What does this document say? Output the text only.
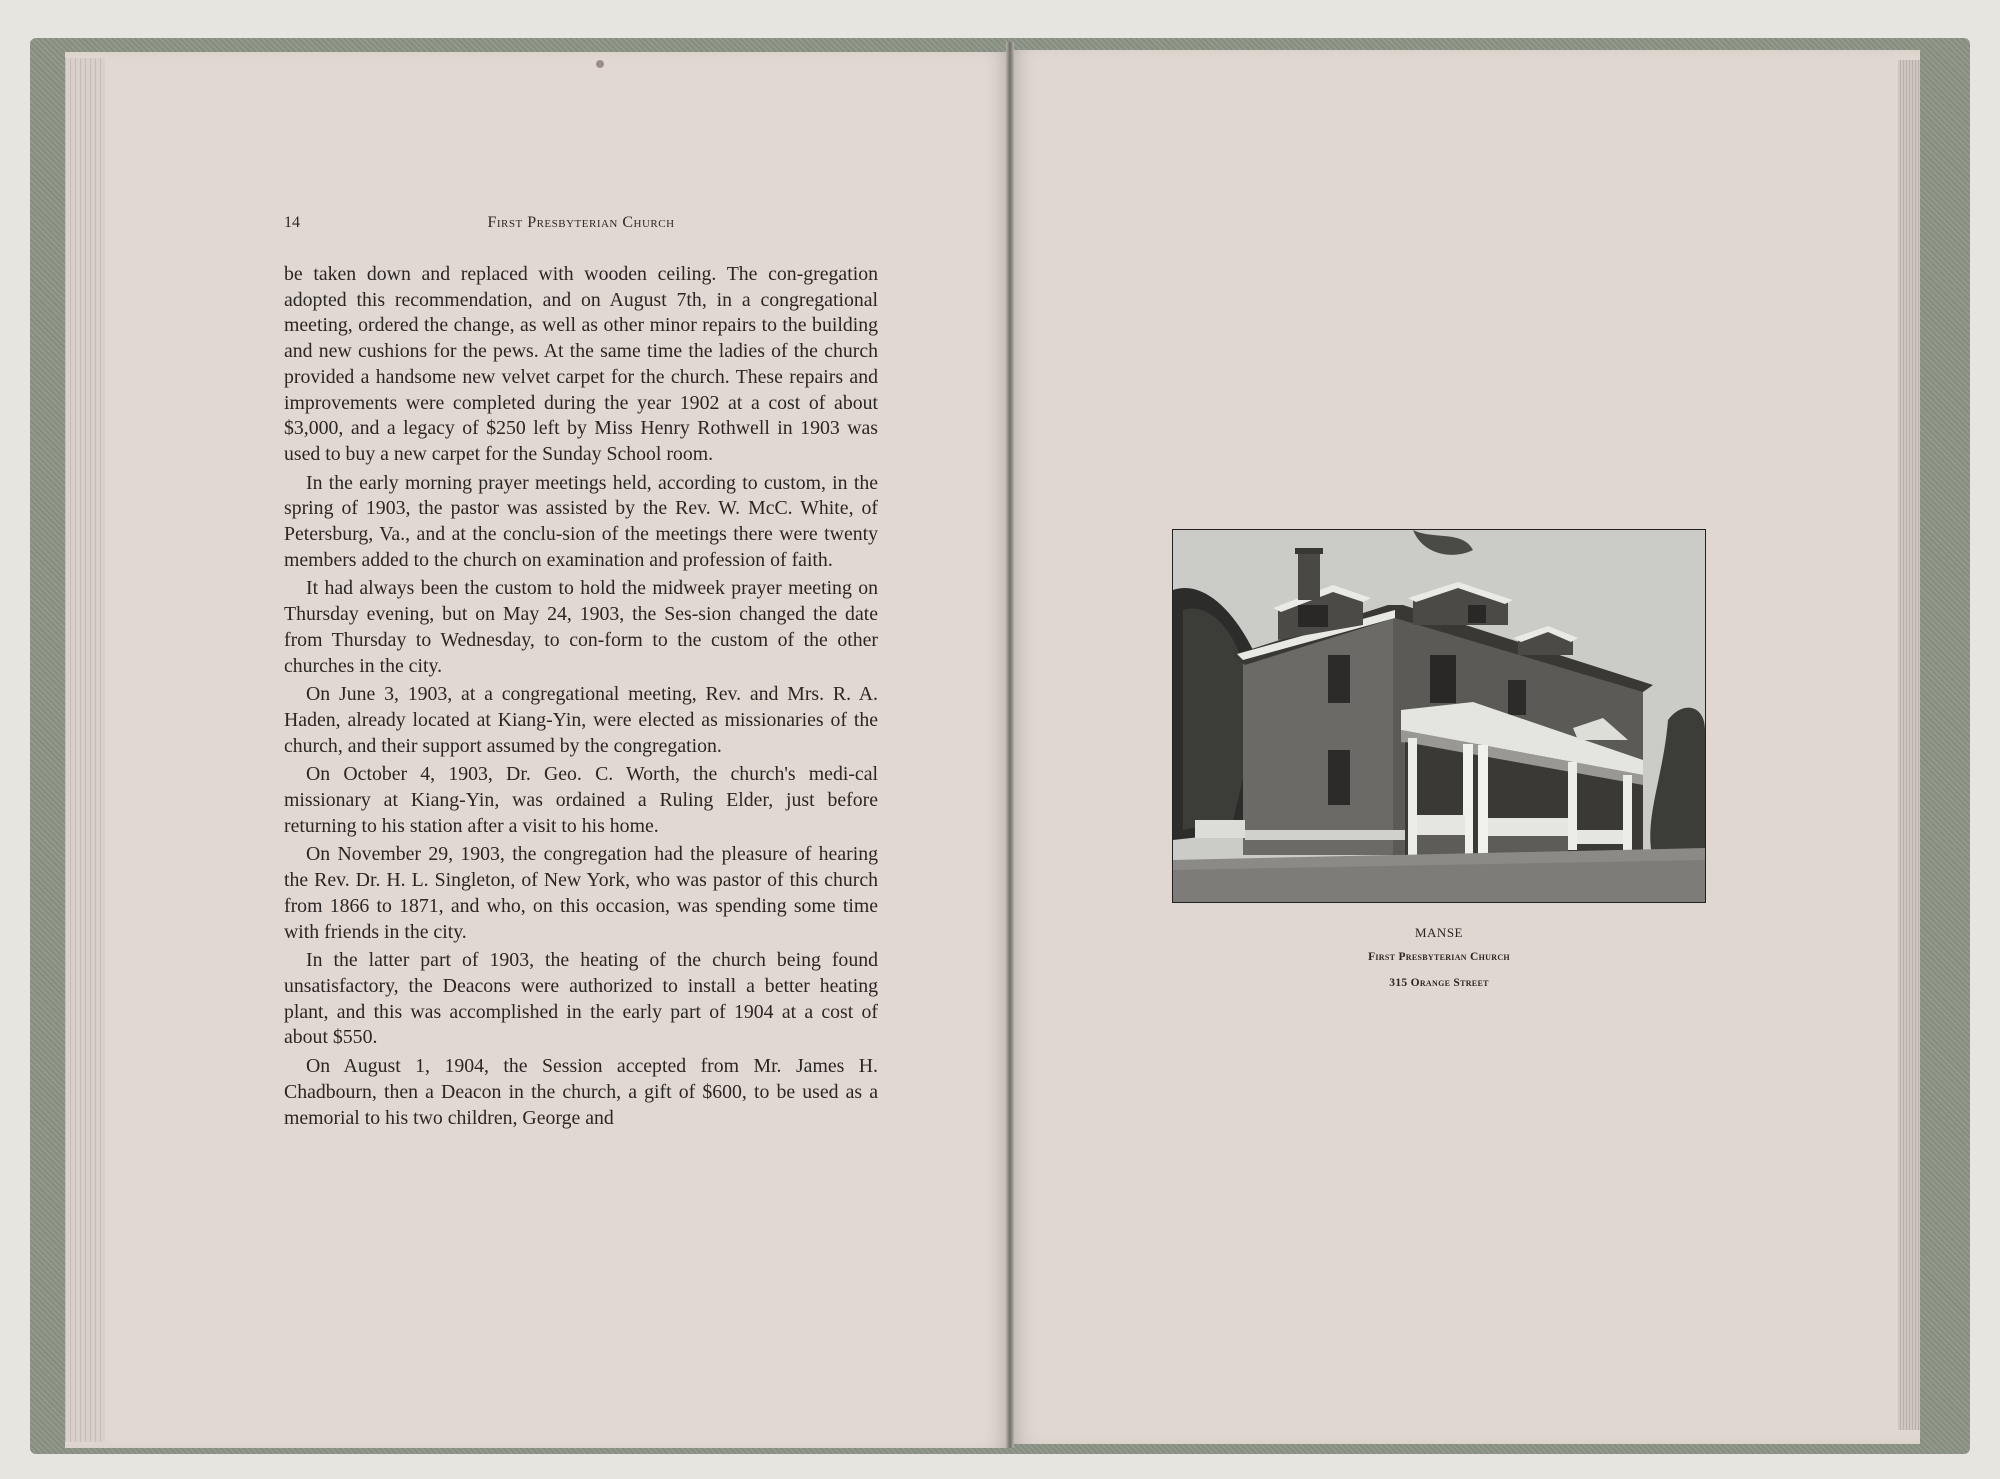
14	First Presbyterian Church

be taken down and replaced with wooden ceiling. The con-gregation adopted this recommendation, and on August 7th, in a congregational meeting, ordered the change, as well as other minor repairs to the building and new cushions for the pews. At the same time the ladies of the church provided a handsome new velvet carpet for the church. These repairs and improvements were completed during the year 1902 at a cost of about $3,000, and a legacy of $250 left by Miss Henry Rothwell in 1903 was used to buy a new carpet for the Sunday School room.

In the early morning prayer meetings held, according to custom, in the spring of 1903, the pastor was assisted by the Rev. W. McC. White, of Petersburg, Va., and at the conclu-sion of the meetings there were twenty members added to the church on examination and profession of faith.

It had always been the custom to hold the midweek prayer meeting on Thursday evening, but on May 24, 1903, the Ses-sion changed the date from Thursday to Wednesday, to con-form to the custom of the other churches in the city.

On June 3, 1903, at a congregational meeting, Rev. and Mrs. R. A. Haden, already located at Kiang-Yin, were elected as missionaries of the church, and their support assumed by the congregation.

On October 4, 1903, Dr. Geo. C. Worth, the church's medi-cal missionary at Kiang-Yin, was ordained a Ruling Elder, just before returning to his station after a visit to his home.

On November 29, 1903, the congregation had the pleasure of hearing the Rev. Dr. H. L. Singleton, of New York, who was pastor of this church from 1866 to 1871, and who, on this occasion, was spending some time with friends in the city.

In the latter part of 1903, the heating of the church being found unsatisfactory, the Deacons were authorized to install a better heating plant, and this was accomplished in the early part of 1904 at a cost of about $550.

On August 1, 1904, the Session accepted from Mr. James H. Chadbourn, then a Deacon in the church, a gift of $600, to be used as a memorial to his two children, George and

MANSE
First Presbyterian Church
315 Orange Street
